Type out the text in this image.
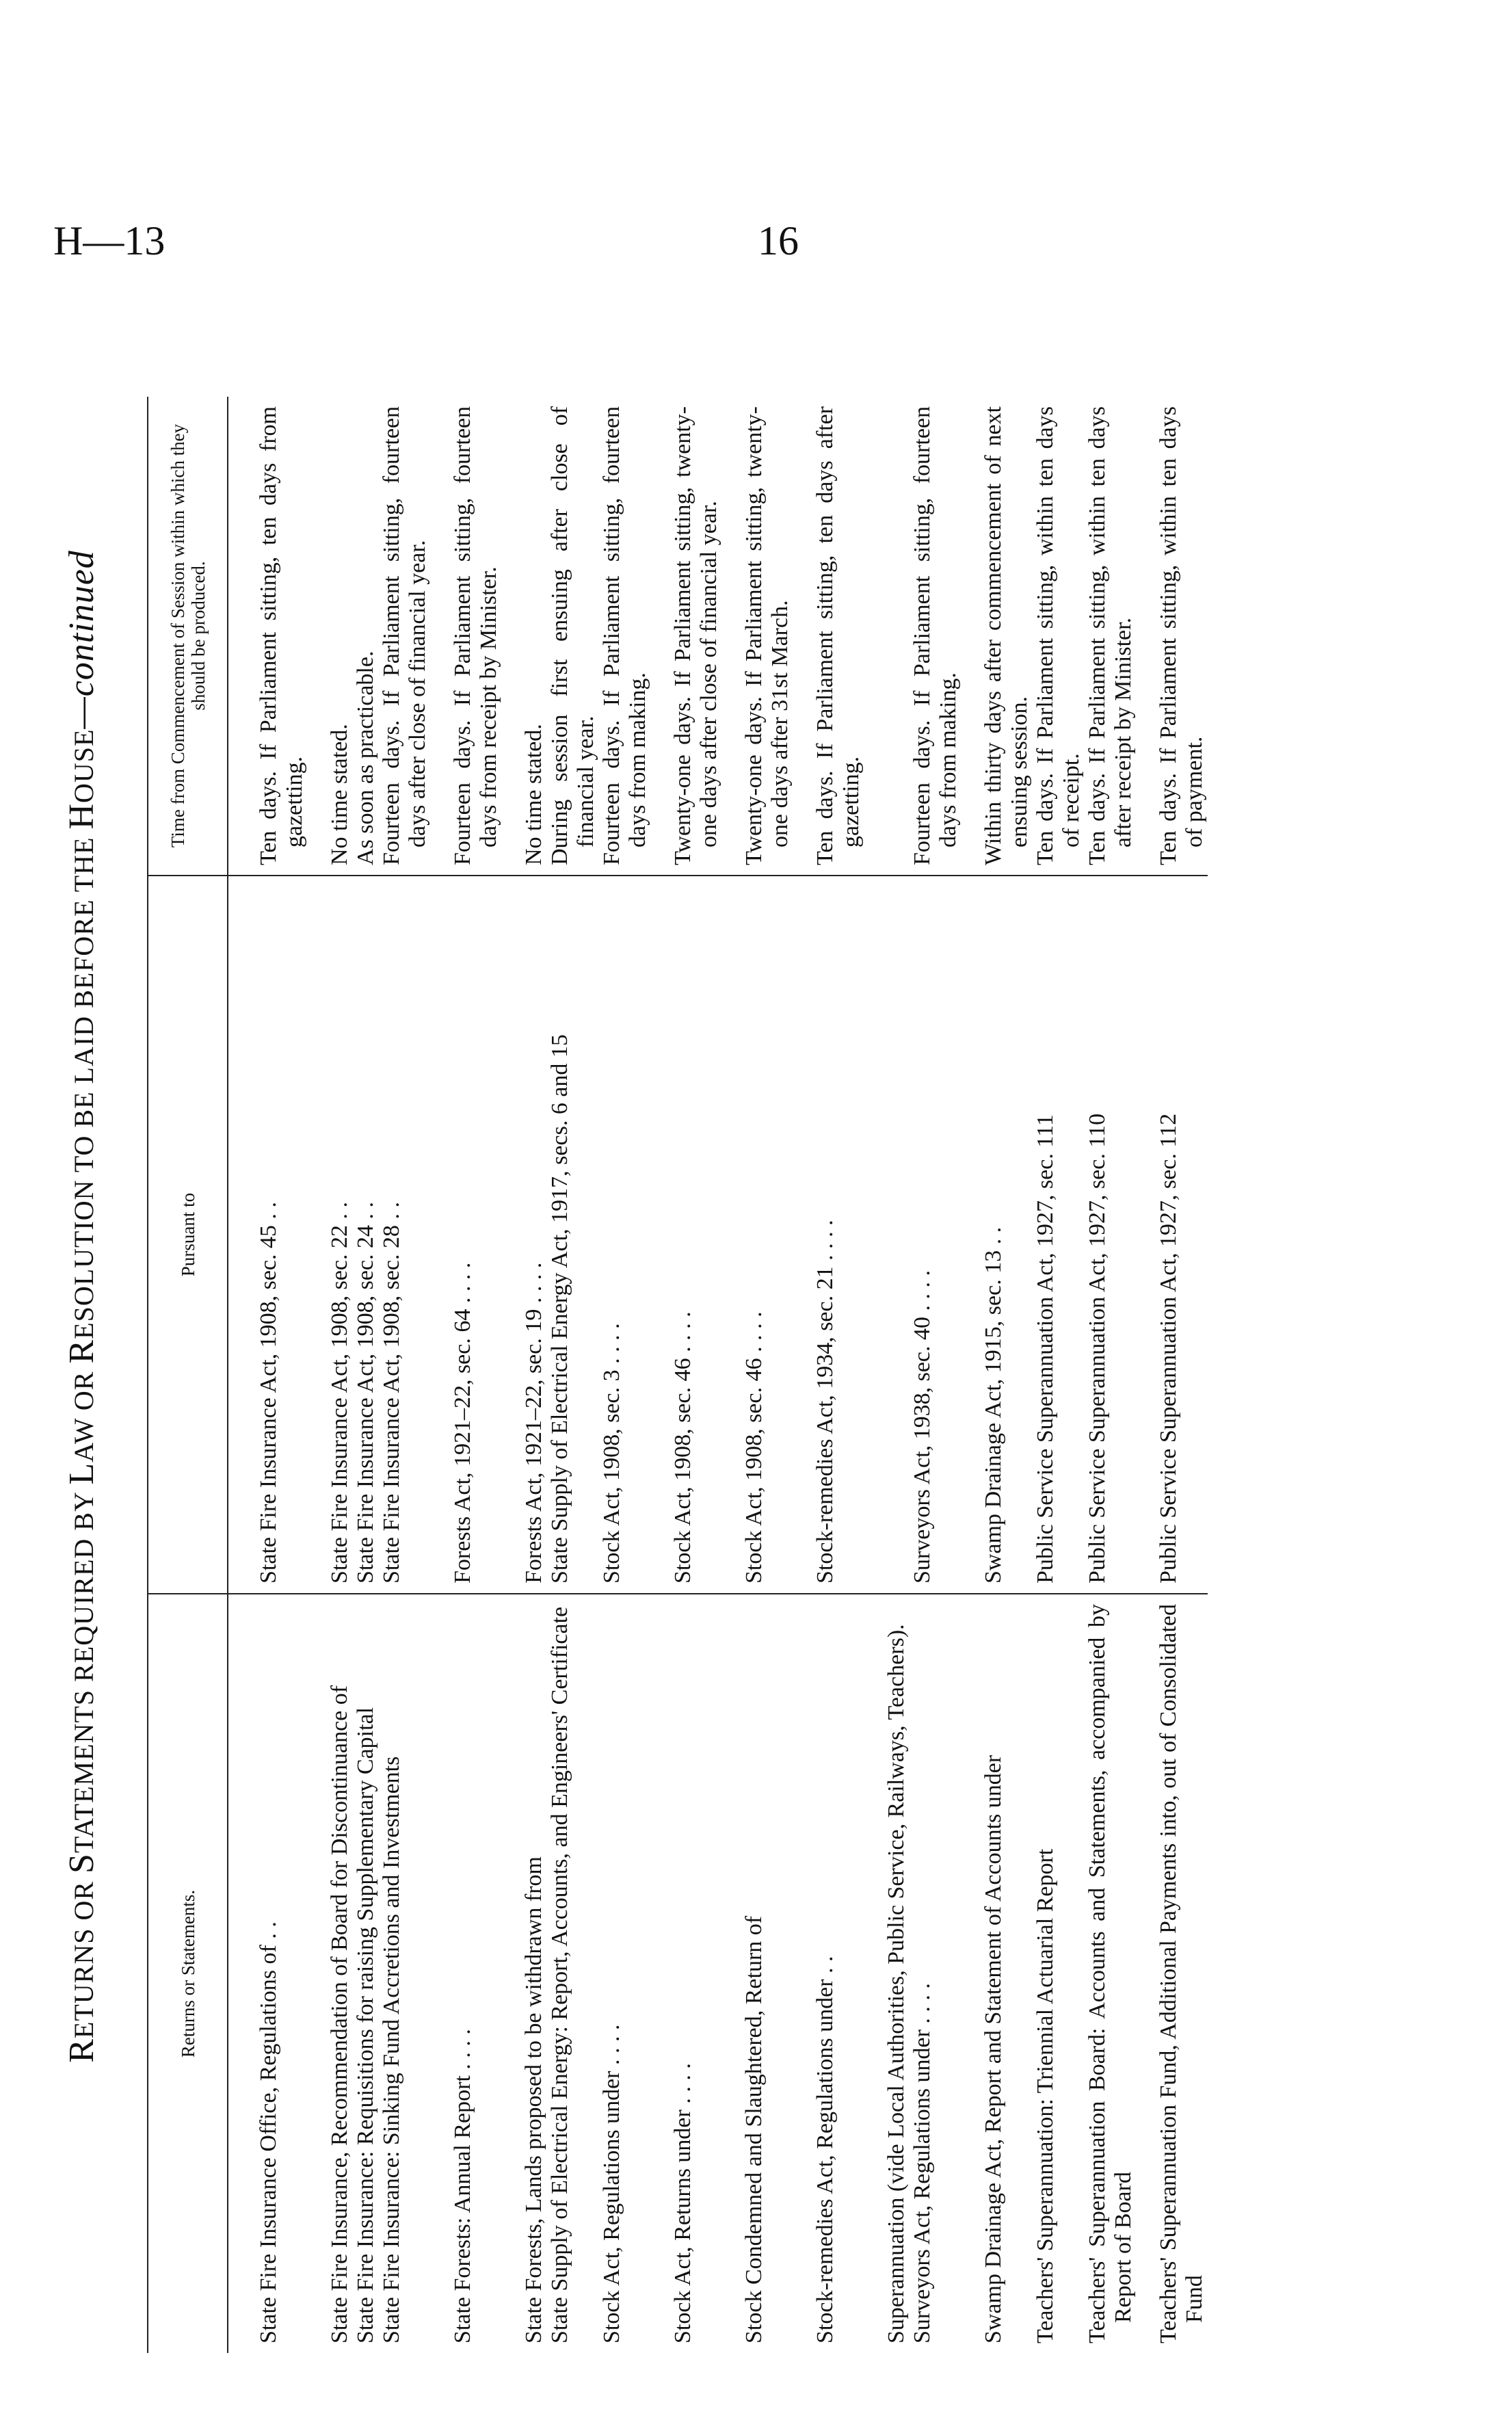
H—13	16
RETURNS OR STATEMENTS REQUIRED BY LAW OR RESOLUTION TO BE LAID BEFORE THE HOUSE—continued
Returns or Statements.	Pursuant to	Time from Commencement of Session within which they should be produced.
State Fire Insurance Office, Regulations of . .	State Fire Insurance Act, 1908, sec. 45 . .	Ten days. If Parliament sitting, ten days from gazetting.
State Fire Insurance, Recommendation of Board for Discontinuance of	State Fire Insurance Act, 1908, sec. 22 . .	No time stated.
State Fire Insurance: Requisitions for raising Supplementary Capital	State Fire Insurance Act, 1908, sec. 24 . .	As soon as practicable.
State Fire Insurance: Sinking Fund Accretions and Investments	State Fire Insurance Act, 1908, sec. 28 . .	Fourteen days. If Parliament sitting, fourteen days after close of financial year.
State Forests: Annual Report . . . .	Forests Act, 1921–22, sec. 64 . . . .	Fourteen days. If Parliament sitting, fourteen days from receipt by Minister.
State Forests, Lands proposed to be withdrawn from	Forests Act, 1921–22, sec. 19 . . . .	No time stated.
State Supply of Electrical Energy: Report, Accounts, and Engineers' Certificate	State Supply of Electrical Energy Act, 1917, secs. 6 and 15	During session first ensuing after close of financial year.
Stock Act, Regulations under . . . .	Stock Act, 1908, sec. 3 . . . .	Fourteen days. If Parliament sitting, fourteen days from making.
Stock Act, Returns under . . . .	Stock Act, 1908, sec. 46 . . . .	Twenty-one days. If Parliament sitting, twenty-one days after close of financial year.
Stock Condemned and Slaughtered, Return of	Stock Act, 1908, sec. 46 . . . .	Twenty-one days. If Parliament sitting, twenty-one days after 31st March.
Stock-remedies Act, Regulations under . .	Stock-remedies Act, 1934, sec. 21 . . . .	Ten days. If Parliament sitting, ten days after gazetting.
Superannuation (vide Local Authorities, Public Service, Railways, Teachers).		
Surveyors Act, Regulations under . . . .	Surveyors Act, 1938, sec. 40 . . . .	Fourteen days. If Parliament sitting, fourteen days from making.
Swamp Drainage Act, Report and Statement of Accounts under	Swamp Drainage Act, 1915, sec. 13 . .	Within thirty days after commencement of next ensuing session.
Teachers' Superannuation: Triennial Actuarial Report	Public Service Superannuation Act, 1927, sec. 111	Ten days. If Parliament sitting, within ten days of receipt.
Teachers' Superannuation Board: Accounts and Statements, accompanied by Report of Board	Public Service Superannuation Act, 1927, sec. 110	Ten days. If Parliament sitting, within ten days after receipt by Minister.
Teachers' Superannuation Fund, Additional Payments into, out of Consolidated Fund	Public Service Superannuation Act, 1927, sec. 112	Ten days. If Parliament sitting, within ten days of payment.
